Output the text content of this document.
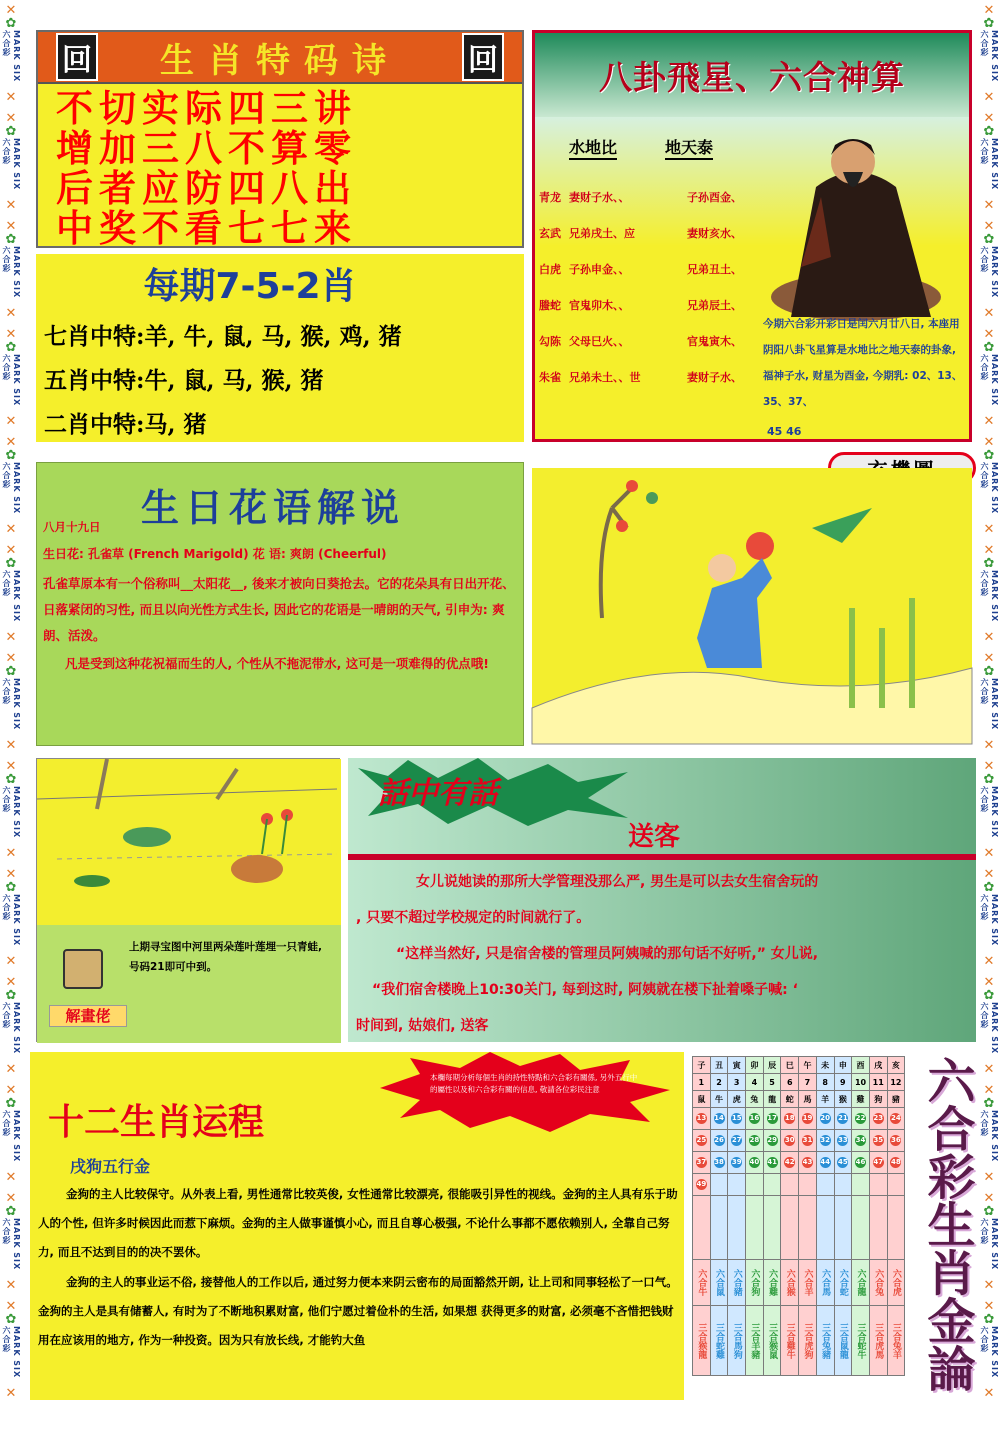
✕
✿
MARK SIX 六合彩
✕
✕
✿
MARK SIX 六合彩
✕
✕
✿
MARK SIX 六合彩
✕
✕
✿
MARK SIX 六合彩
✕
✕
✿
MARK SIX 六合彩
✕
✕
✿
MARK SIX 六合彩
✕
✕
✿
MARK SIX 六合彩
✕
✕
✿
MARK SIX 六合彩
✕
✕
✿
MARK SIX 六合彩
✕
✕
✿
MARK SIX 六合彩
✕
✕
✿
MARK SIX 六合彩
✕
✕
✿
MARK SIX 六合彩
✕
✕
✿
MARK SIX 六合彩
✕
✕
✿
MARK SIX 六合彩
✕
✕
✿
MARK SIX 六合彩
✕
✕
✿
MARK SIX 六合彩
✕
✕
✿
MARK SIX 六合彩
✕
✕
✿
MARK SIX 六合彩
✕
✕
✿
MARK SIX 六合彩
✕
✕
✿
MARK SIX 六合彩
✕
✕
✿
MARK SIX 六合彩
✕
✕
✿
MARK SIX 六合彩
✕
✕
✿
MARK SIX 六合彩
✕
✕
✿
MARK SIX 六合彩
✕
✕
✿
MARK SIX 六合彩
✕
✕
✿
MARK SIX 六合彩
✕
回 生肖特码诗 回
不切实际四三讲
增加三八不算零
后者应防四八出
中奖不看七七来
每期7-5-2肖
七肖中特:羊, 牛, 鼠, 马, 猴, 鸡, 猪
五肖中特:牛, 鼠, 马, 猴, 猪
二肖中特:马, 猪
八卦飛星、六合神算
水地比	地天泰
青龙 妻财子水、、	子孙酉金、
玄武 兄弟戌土、应	妻财亥水、
白虎 子孙申金、、	兄弟丑土、
螣蛇 官鬼卯木、、	兄弟辰土、
勾陈 父母巳火、、	官鬼寅木、
朱雀 兄弟未土、、世	妻财子水、
今期六合彩开彩日是闰六月廿八日, 本座用阴阳八卦飞星算是水地比之地天泰的卦象, 福神子水, 财星为酉金, 今期乳: 02、13、35、37、
45 46
生日花语解说
八月十九日
生日花: 孔雀草 (French Marigold) 花 语: 爽朗 (Cheerful)
孔雀草原本有一个俗称叫__太阳花__, 後来才被向日葵抢去。它的花朵具有日出开花、日落紧闭的习性, 而且以向光性方式生长, 因此它的花语是一晴朗的天气, 引申为: 爽朗、活泼。
凡是受到这种花祝福而生的人, 个性从不拖泥带水, 这可是一项难得的优点哦!
解畫佬
上期寻宝图中河里两朵莲叶莲埋一只青蛙, 号码21即可中到。
話中有話
送客
女儿说她读的那所大学管理没那么严, 男生是可以去女生宿舍玩的
, 只要不超过学校规定的时间就行了。
“这样当然好, 只是宿舍楼的管理员阿姨喊的那句话不好听,” 女儿说,
“我们宿舍楼晚上10:30关门, 每到这时, 阿姨就在楼下扯着嗓子喊: ‘
时间到, 姑娘们, 送客
本欄每期分析每個生肖的持性特點和六合彩有關係, 另外五行中的屬性以及和六合彩有關的信息, 敬請各位彩民注意
十二生肖运程
戌狗五行金
金狗的主人比较保守。从外表上看, 男性通常比较英俊, 女性通常比较漂亮, 很能吸引异性的视线。金狗的主人具有乐于助人的个性, 但许多时候因此而惹下麻烦。金狗的主人做事谨慎小心, 而且自尊心极强, 不论什么事都不愿依赖别人, 全靠自己努力, 而且不达到目的的决不罢休。
金狗的主人的事业运不俗, 接替他人的工作以后, 通过努力便本来阴云密布的局面豁然开朗, 让上司和同事轻松了一口气。金狗的主人是具有储蓄人, 有时为了不断地积累财富, 他们宁愿过着俭朴的生活, 如果想 获得更多的财富, 必须毫不吝惜把钱财用在应该用的地方, 作为一种投资。因为只有放长线, 才能钓大鱼
子	丑	寅	卯	辰	巳	午	未	申	酉	戌	亥
1	2	3	4	5	6	7	8	9	10	11	12
鼠	牛	虎	兔	龍	蛇	馬	羊	猴	雞	狗	豬
13	14	15	16	17	18	19	20	21	22	23	24
25	26	27	28	29	30	31	32	33	34	35	36
37	38	39	40	41	42	43	44	45	46	47	48
49											

六合牛	六合鼠	六合豬	六合狗	六合雞	六合猴	六合羊	六合馬	六合蛇	六合龍	六合兔	六合虎
三合猴龍	三合蛇雞	三合馬狗	三合羊豬	三合猴鼠	三合雞牛	三合虎狗	三合兔豬	三合鼠龍	三合蛇牛	三合虎馬	三合兔羊 六合彩生肖金論
